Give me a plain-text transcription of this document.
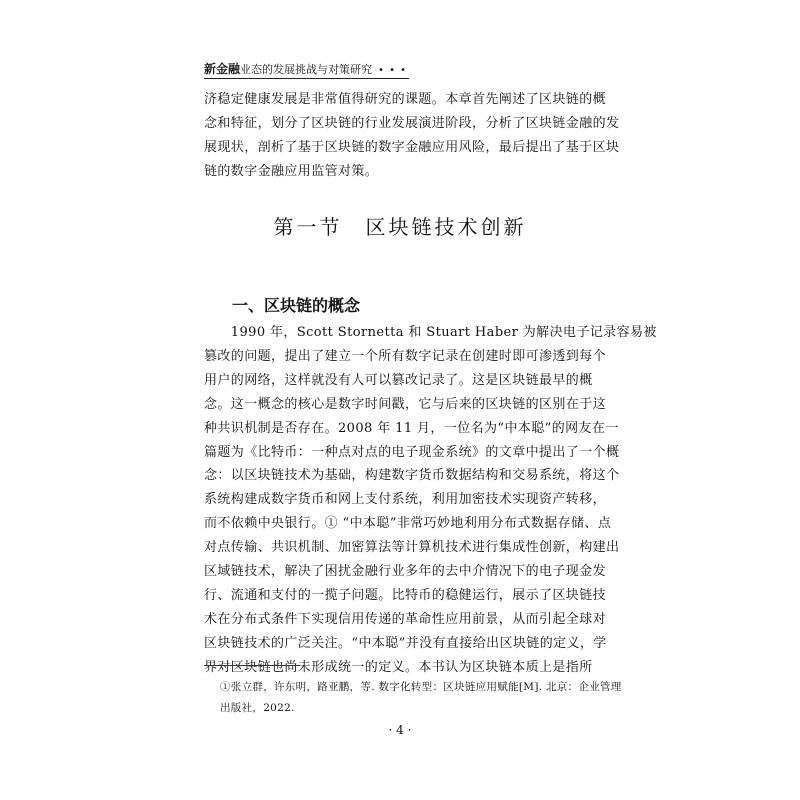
新金融业态的发展挑战与对策研究 • • •
济稳定健康发展是非常值得研究的课题。本章首先阐述了区块链的概
念和特征，划分了区块链的行业发展演进阶段，分析了区块链金融的发
展现状，剖析了基于区块链的数字金融应用风险，最后提出了基于区块
链的数字金融应用监管对策。
第一节　区块链技术创新
一、区块链的概念
　　1990 年，Scott Stornetta 和 Stuart Haber 为解决电子记录容易被
篡改的问题，提出了建立一个所有数字记录在创建时即可渗透到每个
用户的网络，这样就没有人可以篡改记录了。这是区块链最早的概
念。这一概念的核心是数字时间戳，它与后来的区块链的区别在于这
种共识机制是否存在。2008 年 11 月，一位名为“中本聪”的网友在一
篇题为《比特币：一种点对点的电子现金系统》的文章中提出了一个概
念：以区块链技术为基础，构建数字货币数据结构和交易系统，将这个
系统构建成数字货币和网上支付系统，利用加密技术实现资产转移，
而不依赖中央银行。① “中本聪”非常巧妙地利用分布式数据存储、点
对点传输、共识机制、加密算法等计算机技术进行集成性创新，构建出
区域链技术，解决了困扰金融行业多年的去中介情况下的电子现金发
行、流通和支付的一揽子问题。比特币的稳健运行，展示了区块链技
术在分布式条件下实现信用传递的革命性应用前景，从而引起全球对
区块链技术的广泛关注。“中本聪”并没有直接给出区块链的定义，学
界对区块链也尚未形成统一的定义。本书认为区块链本质上是指所
①张立群，许东明，路亚鹏，等. 数字化转型：区块链应用赋能[M]. 北京：企业管理
出版社，2022.
· 4 ·
